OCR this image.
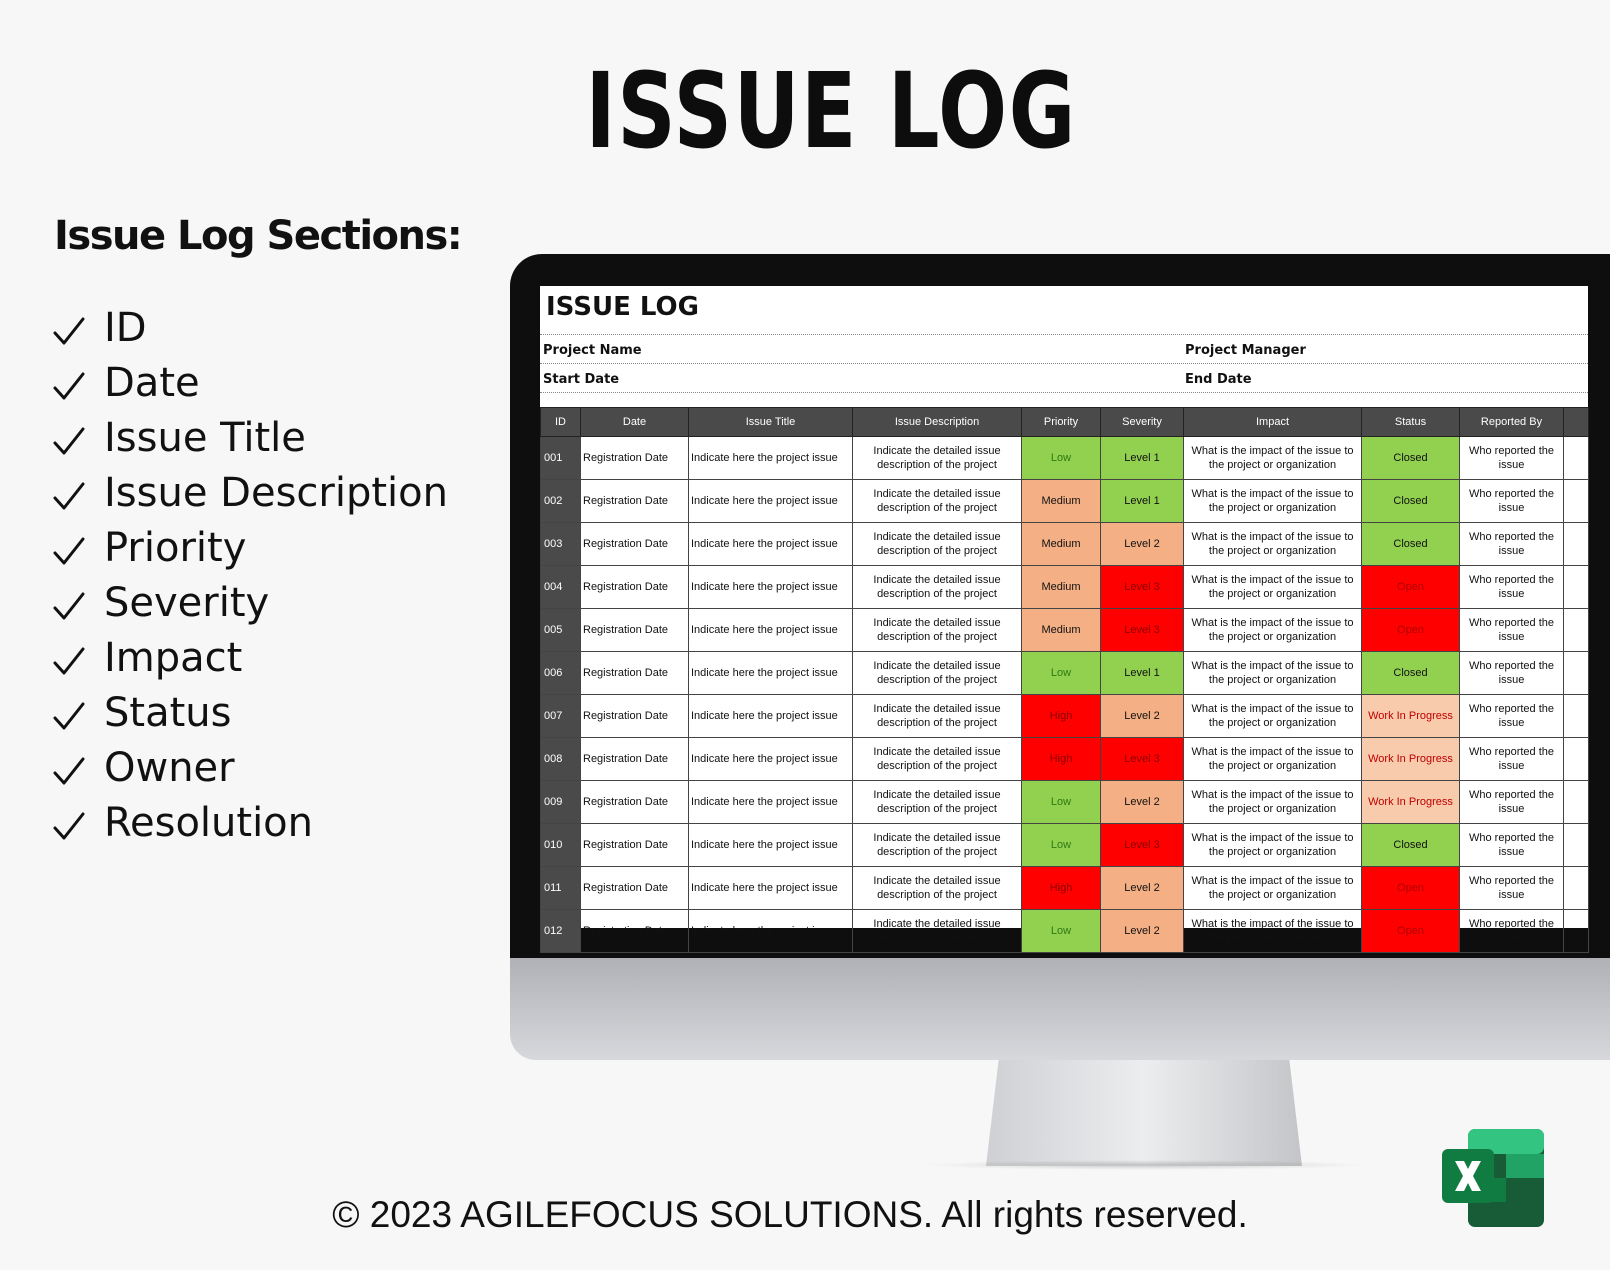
ISSUE LOG
Issue Log Sections:
ID
Date
Issue Title
Issue Description
Priority
Severity
Impact
Status
Owner
Resolution
ISSUE LOG
Project Name	Project Manager
Start Date	End Date
ID	Date	Issue Title	Issue Description	Priority	Severity	Impact	Status	Reported By	
001	Registration Date	Indicate here the project issue	Indicate the detailed issue description of the project	Low	Level 1	What is the impact of the issue to the project or organization	Closed	Who reported the issue	
002	Registration Date	Indicate here the project issue	Indicate the detailed issue description of the project	Medium	Level 1	What is the impact of the issue to the project or organization	Closed	Who reported the issue	
003	Registration Date	Indicate here the project issue	Indicate the detailed issue description of the project	Medium	Level 2	What is the impact of the issue to the project or organization	Closed	Who reported the issue	
004	Registration Date	Indicate here the project issue	Indicate the detailed issue description of the project	Medium	Level 3	What is the impact of the issue to the project or organization	Open	Who reported the issue	
005	Registration Date	Indicate here the project issue	Indicate the detailed issue description of the project	Medium	Level 3	What is the impact of the issue to the project or organization	Open	Who reported the issue	
006	Registration Date	Indicate here the project issue	Indicate the detailed issue description of the project	Low	Level 1	What is the impact of the issue to the project or organization	Closed	Who reported the issue	
007	Registration Date	Indicate here the project issue	Indicate the detailed issue description of the project	High	Level 2	What is the impact of the issue to the project or organization	Work In Progress	Who reported the issue	
008	Registration Date	Indicate here the project issue	Indicate the detailed issue description of the project	High	Level 3	What is the impact of the issue to the project or organization	Work In Progress	Who reported the issue	
009	Registration Date	Indicate here the project issue	Indicate the detailed issue description of the project	Low	Level 2	What is the impact of the issue to the project or organization	Work In Progress	Who reported the issue	
010	Registration Date	Indicate here the project issue	Indicate the detailed issue description of the project	Low	Level 3	What is the impact of the issue to the project or organization	Closed	Who reported the issue	
011	Registration Date	Indicate here the project issue	Indicate the detailed issue description of the project	High	Level 2	What is the impact of the issue to the project or organization	Open	Who reported the issue	
012	Registration Date	Indicate here the project issue	Indicate the detailed issue description of the project	Low	Level 2	What is the impact of the issue to the project or organization	Open	Who reported the issue	
© 2023 AGILEFOCUS SOLUTIONS. All rights reserved.
